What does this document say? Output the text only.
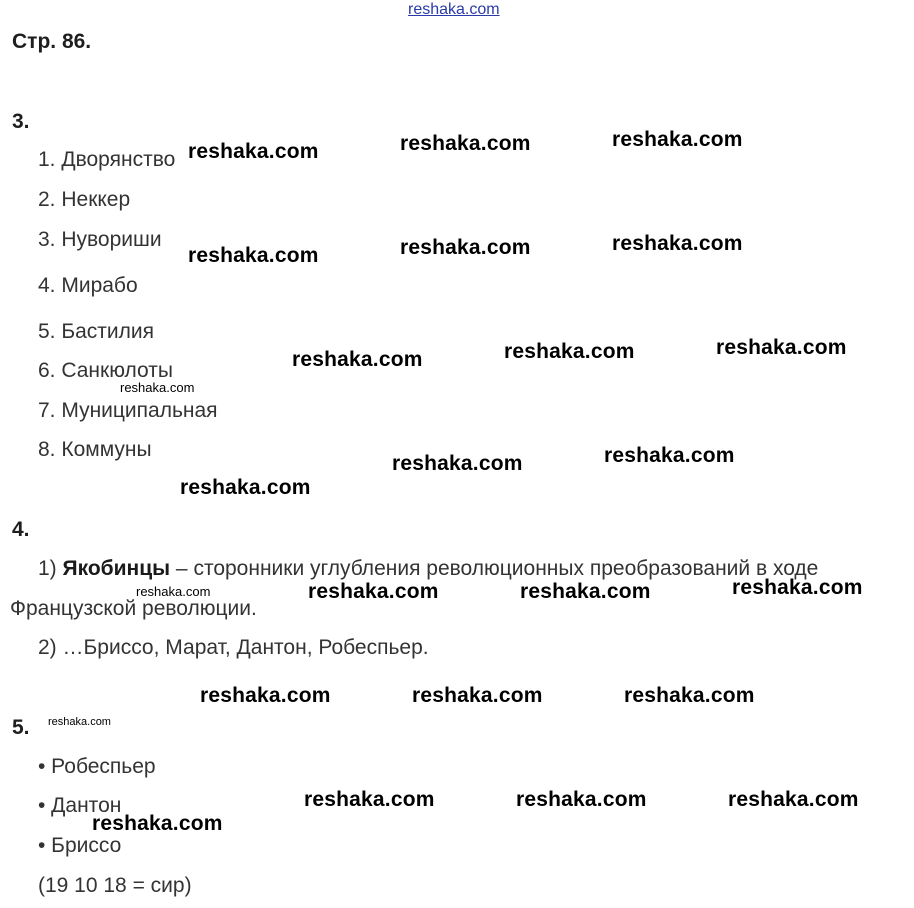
reshaka.com
Стр. 86.
3.
1. Дворянство
2. Неккер
3. Нувориши
4. Мирабо
5. Бастилия
6. Санкюлоты
7. Муниципальная
8. Коммуны
4.
1) Якобинцы – сторонники углубления революционных преобразований в ходе
Французской революции.
2) …Бриссо, Марат, Дантон, Робеспьер.
5.
• Робеспьер
• Дантон
• Бриссо
(19 10 18 = сир)
reshaka.com	reshaka.com	reshaka.com
reshaka.com	reshaka.com	reshaka.com
reshaka.com	reshaka.com	reshaka.com
reshaka.com
reshaka.com	reshaka.com
reshaka.com
reshaka.com	reshaka.com	reshaka.com	reshaka.com
reshaka.com	reshaka.com	reshaka.com
reshaka.com
reshaka.com	reshaka.com	reshaka.com
reshaka.com
